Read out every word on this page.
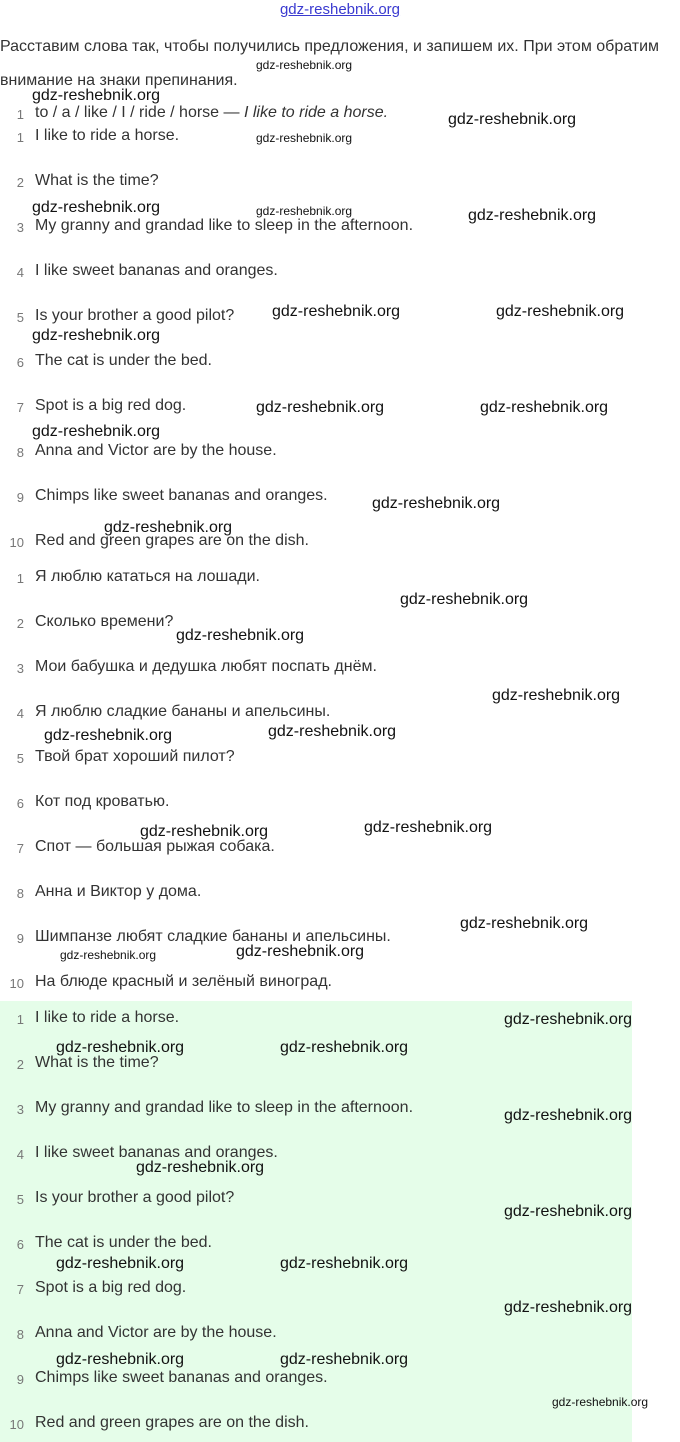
gdz-reshebnik.org
Расставим слова так, чтобы получились предложения, и запишем их. При этом обратим внимание на знаки препинания.
1 to / a / like / I / ride / horse — I like to ride a horse.
1 I like to ride a horse.
2 What is the time?
3 My granny and grandad like to sleep in the afternoon.
4 I like sweet bananas and oranges.
5 Is your brother a good pilot?
6 The cat is under the bed.
7 Spot is a big red dog.
8 Anna and Victor are by the house.
9 Chimps like sweet bananas and oranges.
10 Red and green grapes are on the dish.
1 Я люблю кататься на лошади.
2 Сколько времени?
3 Мои бабушка и дедушка любят поспать днём.
4 Я люблю сладкие бананы и апельсины.
5 Твой брат хороший пилот?
6 Кот под кроватью.
7 Спот — большая рыжая собака.
8 Анна и Виктор у дома.
9 Шимпанзе любят сладкие бананы и апельсины.
10 На блюде красный и зелёный виноград.
1 I like to ride a horse.
2 What is the time?
3 My granny and grandad like to sleep in the afternoon.
4 I like sweet bananas and oranges.
5 Is your brother a good pilot?
6 The cat is under the bed.
7 Spot is a big red dog.
8 Anna and Victor are by the house.
9 Chimps like sweet bananas and oranges.
10 Red and green grapes are on the dish.
gdz-reshebnik.org
gdz-reshebnik.org
gdz-reshebnik.org
gdz-reshebnik.org
gdz-reshebnik.org	gdz-reshebnik.org	gdz-reshebnik.org
gdz-reshebnik.org	gdz-reshebnik.org
gdz-reshebnik.org
gdz-reshebnik.org	gdz-reshebnik.org
gdz-reshebnik.org
gdz-reshebnik.org
gdz-reshebnik.org
gdz-reshebnik.org
gdz-reshebnik.org
gdz-reshebnik.org
gdz-reshebnik.org
gdz-reshebnik.org
gdz-reshebnik.org
gdz-reshebnik.org
gdz-reshebnik.org
gdz-reshebnik.org
gdz-reshebnik.org
gdz-reshebnik.org
gdz-reshebnik.org	gdz-reshebnik.org
gdz-reshebnik.org
gdz-reshebnik.org
gdz-reshebnik.org
gdz-reshebnik.org	gdz-reshebnik.org
gdz-reshebnik.org
gdz-reshebnik.org	gdz-reshebnik.org
gdz-reshebnik.org
